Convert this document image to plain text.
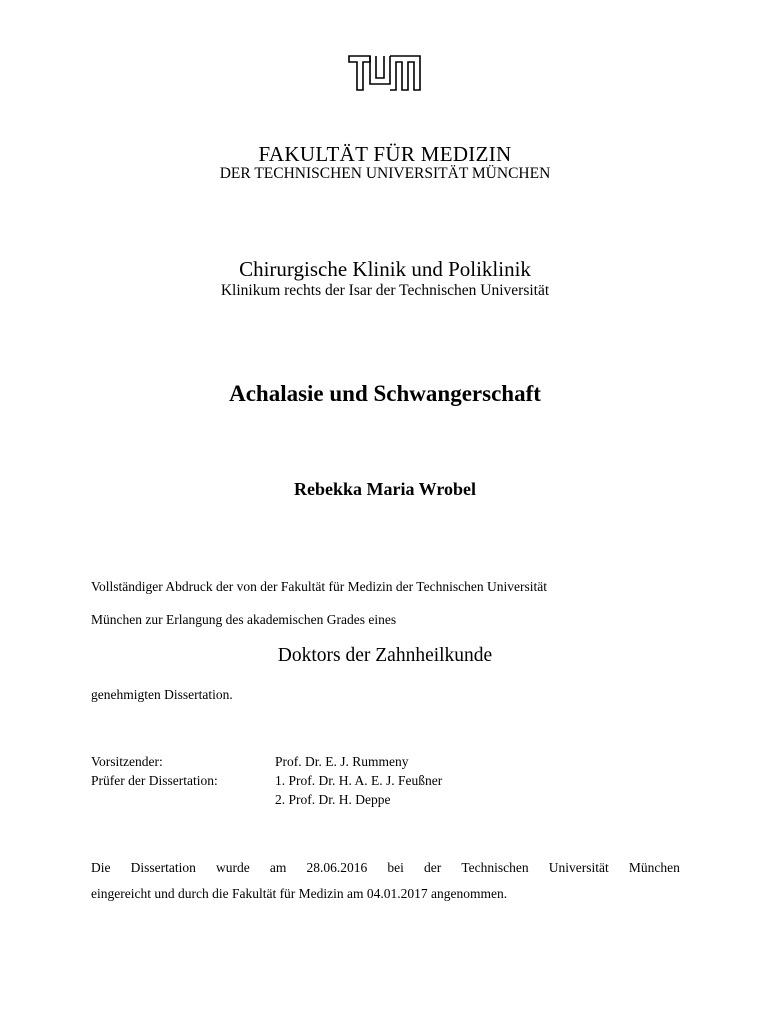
FAKULTÄT FÜR MEDIZIN
DER TECHNISCHEN UNIVERSITÄT MÜNCHEN
Chirurgische Klinik und Poliklinik
Klinikum rechts der Isar der Technischen Universität
Achalasie und Schwangerschaft
Rebekka Maria Wrobel
Vollständiger Abdruck der von der Fakultät für Medizin der Technischen Universität
München zur Erlangung des akademischen Grades eines
Doktors der Zahnheilkunde
genehmigten Dissertation.
Vorsitzender:	Prof. Dr. E. J. Rummeny
Prüfer der Dissertation:	1. Prof. Dr. H. A. E. J. Feußner
2. Prof. Dr. H. Deppe
Die Dissertation wurde am 28.06.2016 bei der Technischen Universität München
eingereicht und durch die Fakultät für Medizin am 04.01.2017 angenommen.
